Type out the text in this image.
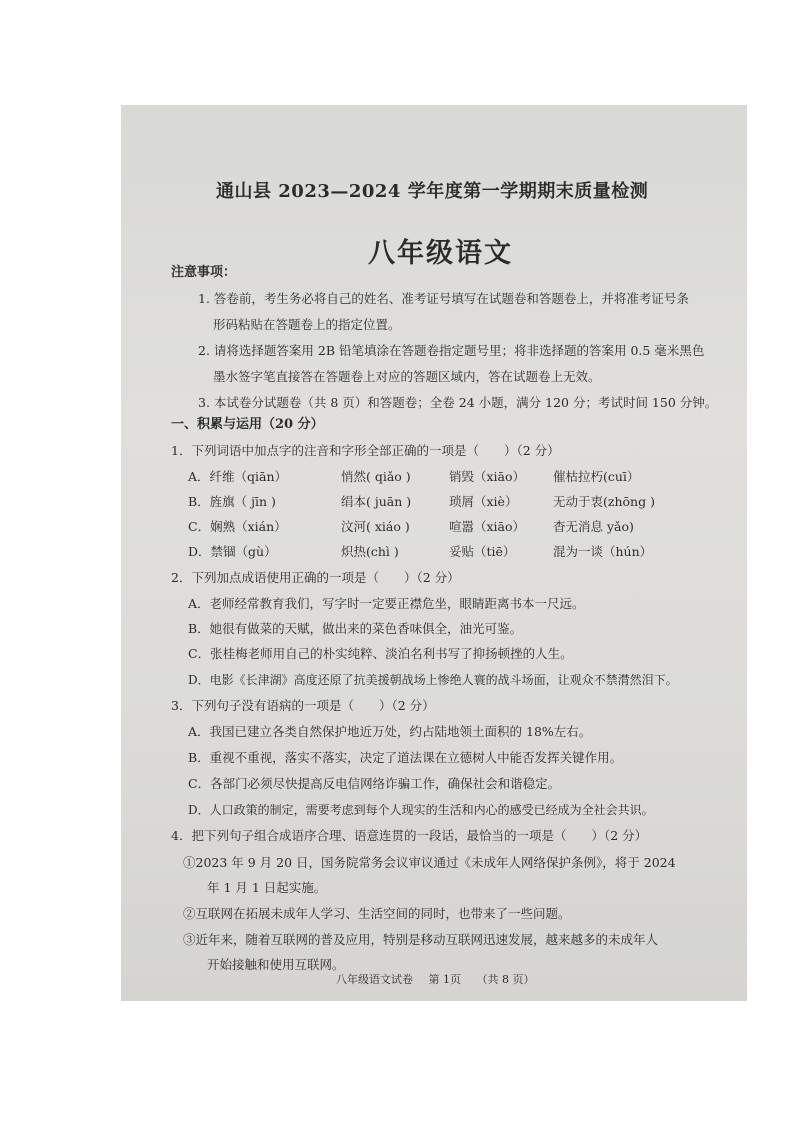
通山县 2023—2024 学年度第一学期期末质量检测
八年级语文
注意事项：
1. 答卷前，考生务必将自己的姓名、准考证号填写在试题卷和答题卷上，并将准考证号条
形码粘贴在答题卷上的指定位置。
2. 请将选择题答案用 2B 铅笔填涂在答题卷指定题号里；将非选择题的答案用 0.5 毫米黑色
墨水签字笔直接答在答题卷上对应的答题区域内，答在试题卷上无效。
3. 本试卷分试题卷（共 8 页）和答题卷；全卷 24 小题，满分 120 分；考试时间 150 分钟。
一、积累与运用（20 分）
1．下列词语中加点字的注音和字形全部正确的一项是（　　）（2 分）
A．纤维（qiān）	悄然( qiǎo )	销毁（xiāo） 催枯拉朽(cuī）
B．旌旗（ jīn )	绢本( juān )	琐屑（xiè）	无动于衷(zhōng )
C．娴熟（xián）	汶河( xiáo )	喧嚣（xiāo） 杳无消息 yǎo)
D．禁锢（gù）	炽热(chì )	妥贴（tiē）	混为一谈（hún）
2．下列加点成语使用正确的一项是（　　）（2 分）
A．老师经常教育我们，写字时一定要正襟危坐，眼睛距离书本一尺远。
B．她很有做菜的天赋，做出来的菜色香味俱全，油光可鉴。
C．张桂梅老师用自己的朴实纯粹、淡泊名利书写了抑扬顿挫的人生。
D．电影《长津湖》高度还原了抗美援朝战场上惨绝人寰的战斗场面，让观众不禁潸然泪下。
3．下列句子没有语病的一项是（　　）（2 分）
A．我国已建立各类自然保护地近万处，约占陆地领土面积的 18%左右。
B．重视不重视，落实不落实，决定了道法课在立德树人中能否发挥关键作用。
C．各部门必须尽快提高反电信网络诈骗工作，确保社会和谐稳定。
D．人口政策的制定，需要考虑到每个人现实的生活和内心的感受已经成为全社会共识。
4．把下列句子组合成语序合理、语意连贯的一段话，最恰当的一项是（　　）（2 分）
①2023 年 9 月 20 日，国务院常务会议审议通过《未成年人网络保护条例》，将于 2024
年 1 月 1 日起实施。
②互联网在拓展未成年人学习、生活空间的同时，也带来了一些问题。
③近年来，随着互联网的普及应用，特别是移动互联网迅速发展，越来越多的未成年人
开始接触和使用互联网。
八年级语文试卷 第 1页 （共 8 页）
